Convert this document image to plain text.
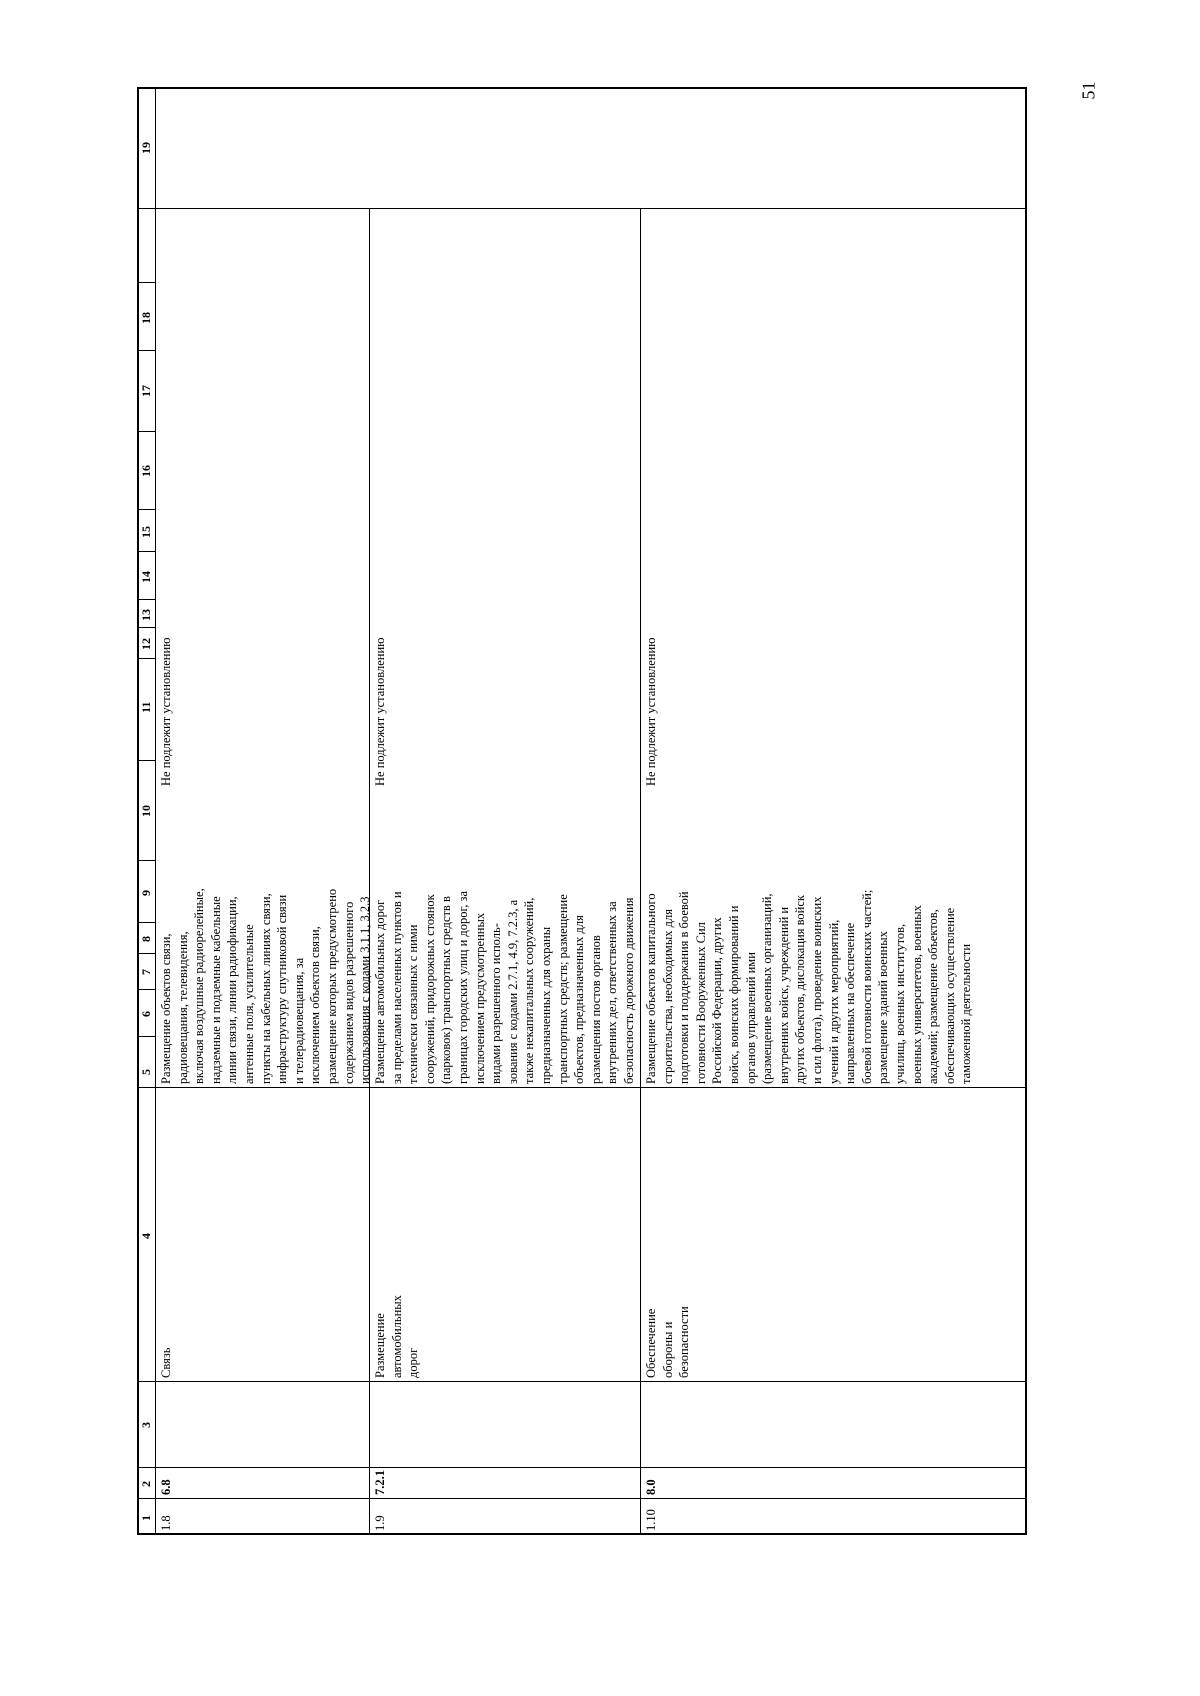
51
1
2
3
4
5
6
7
8
9
10
11
12
13
14
15
16
17
18
19
1.8
6.8
Связь
Размещение объектов связи, радиовещания, телевидения, включая воздушные радиорелейные, надземные и подземные кабельные линии связи, линии радиофикации, антенные поля, усилительные пункты на кабельных линиях связи, инфраструктуру спутниковой связи и телерадиовещания, за исключением объектов связи, размещение которых предусмотрено содержанием видов разрешенного использования с кодами 3.1.1, 3.2.3
Не подлежит установлению
1.9
7.2.1
Размещение автомобильных дорог
Размещение автомобильных дорог за пределами населенных пунктов и технически связанных с ними сооружений, придорожных стоянок (парковок) транспортных средств в границах городских улиц и дорог, за исключением предусмотренных видами разрешенного исполь- зования с кодами 2.7.1, 4.9, 7.2.3, а также некапитальных сооружений, предназначенных для охраны транспортных средств; размещение объектов, предназначенных для размещения постов органов внутренних дел, ответственных за безопасность дорожного движения
Не подлежит установлению
1.10
8.0
Обеспечение обороны и безопасности
Размещение объектов капитального строительства, необходимых для подготовки и поддержания в боевой готовности Вооруженных Сил Российской Федерации, других войск, воинских формирований и органов управлений ими (размещение военных организаций, внутренних войск, учреждений и других объектов, дислокация войск и сил флота), проведение воинских учений и других мероприятий, направленных на обеспечение боевой готовности воинских частей; размещение зданий военных училищ, военных институтов, военных университетов, военных академий; размещение объектов, обеспечивающих осуществление таможенной деятельности
Не подлежит установлению
